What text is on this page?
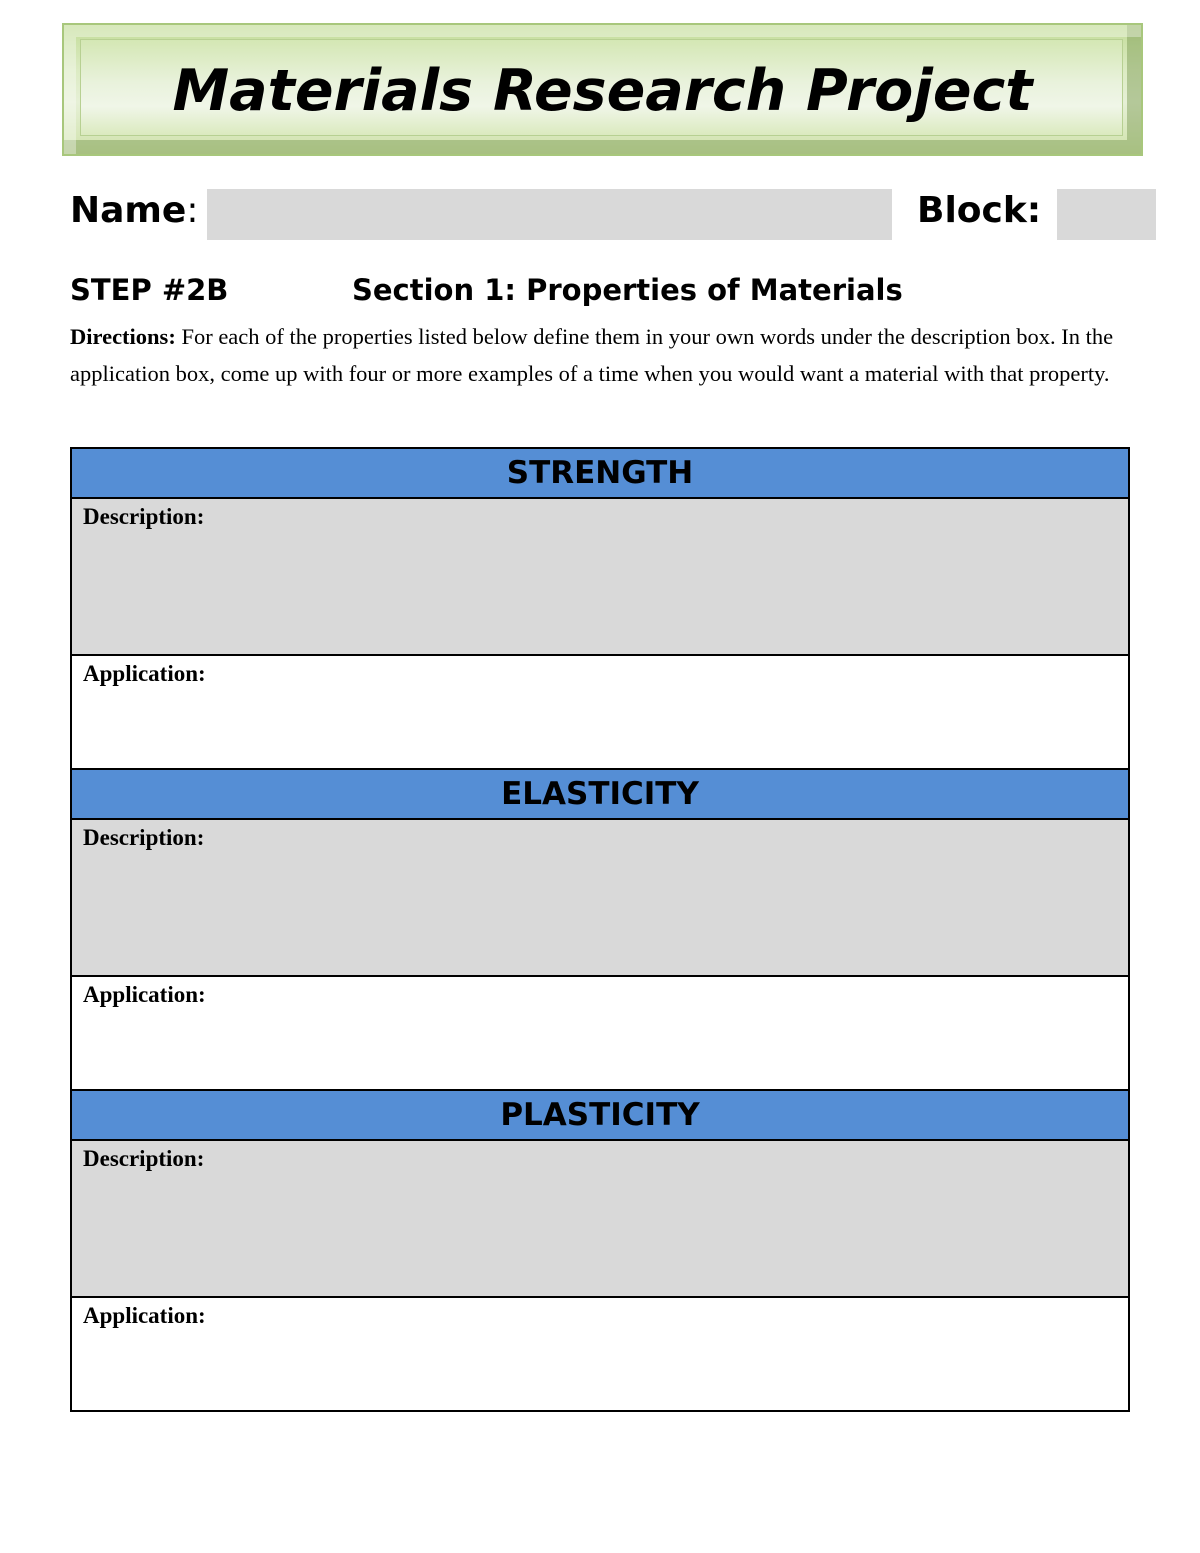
Materials Research Project
Name:	Block:
STEP #2B	Section 1: Properties of Materials
Directions: For each of the properties listed below define them in your own words under the description box. In the application box, come up with four or more examples of a time when you would want a material with that property.
STRENGTH
Description:
Application:
ELASTICITY
Description:
Application:
PLASTICITY
Description:
Application:
